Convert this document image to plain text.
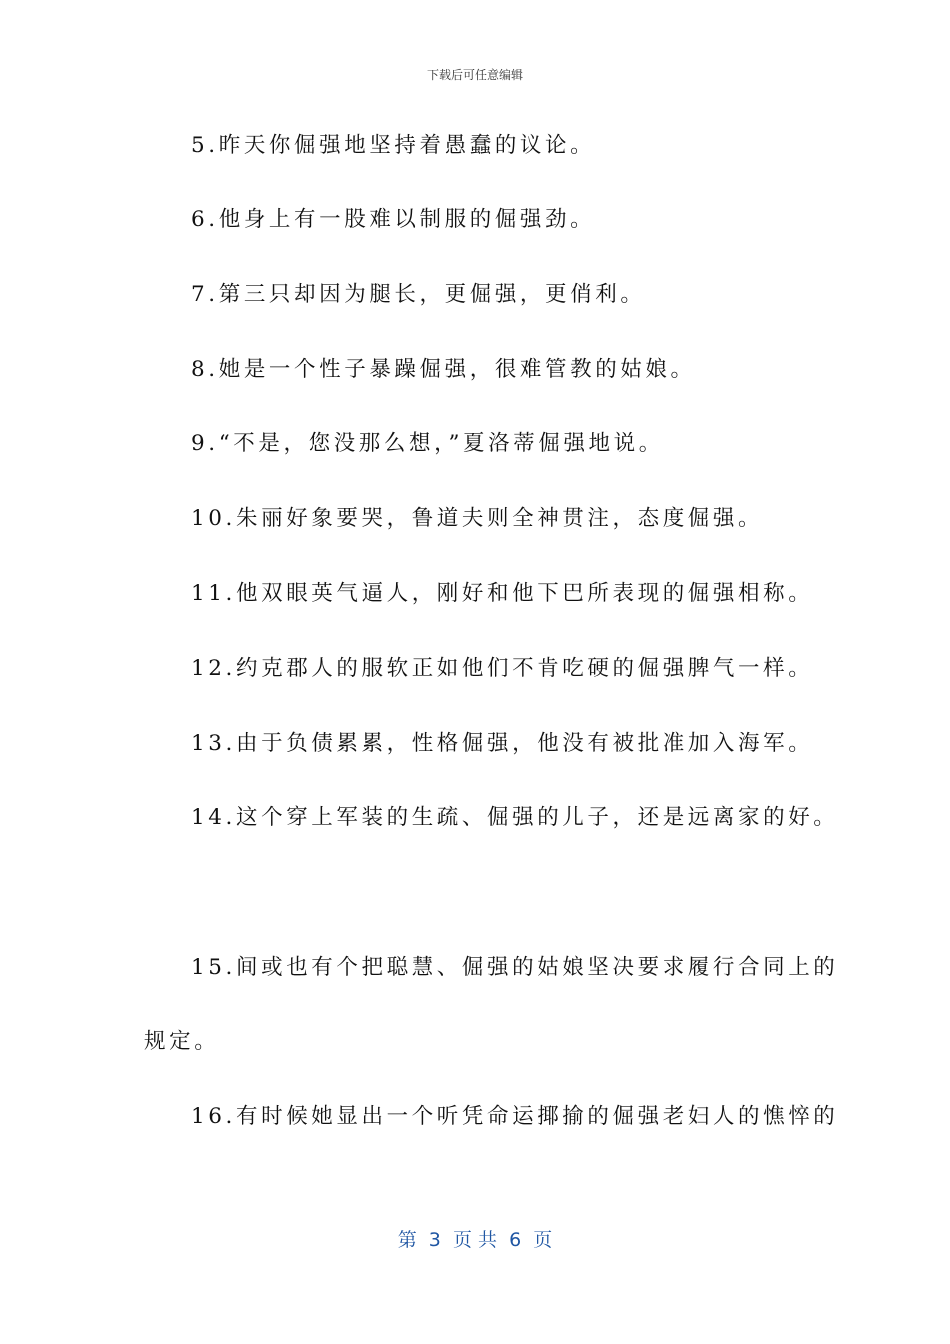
下载后可任意编辑
5.昨天你倔强地坚持着愚蠢的议论。
6.他身上有一股难以制服的倔强劲。
7.第三只却因为腿长，更倔强，更俏利。
8.她是一个性子暴躁倔强，很难管教的姑娘。
9.“不是，您没那么想，”夏洛蒂倔强地说。
10.朱丽好象要哭，鲁道夫则全神贯注，态度倔强。
11.他双眼英气逼人，刚好和他下巴所表现的倔强相称。
12.约克郡人的服软正如他们不肯吃硬的倔强脾气一样。
13.由于负债累累，性格倔强，他没有被批准加入海军。
14.这个穿上军装的生疏、倔强的儿子，还是远离家的好。
15.间或也有个把聪慧、倔强的姑娘坚决要求履行合同上的
规定。
16.有时候她显出一个听凭命运揶揄的倔强老妇人的憔悴的
第  3  页 共  6  页
